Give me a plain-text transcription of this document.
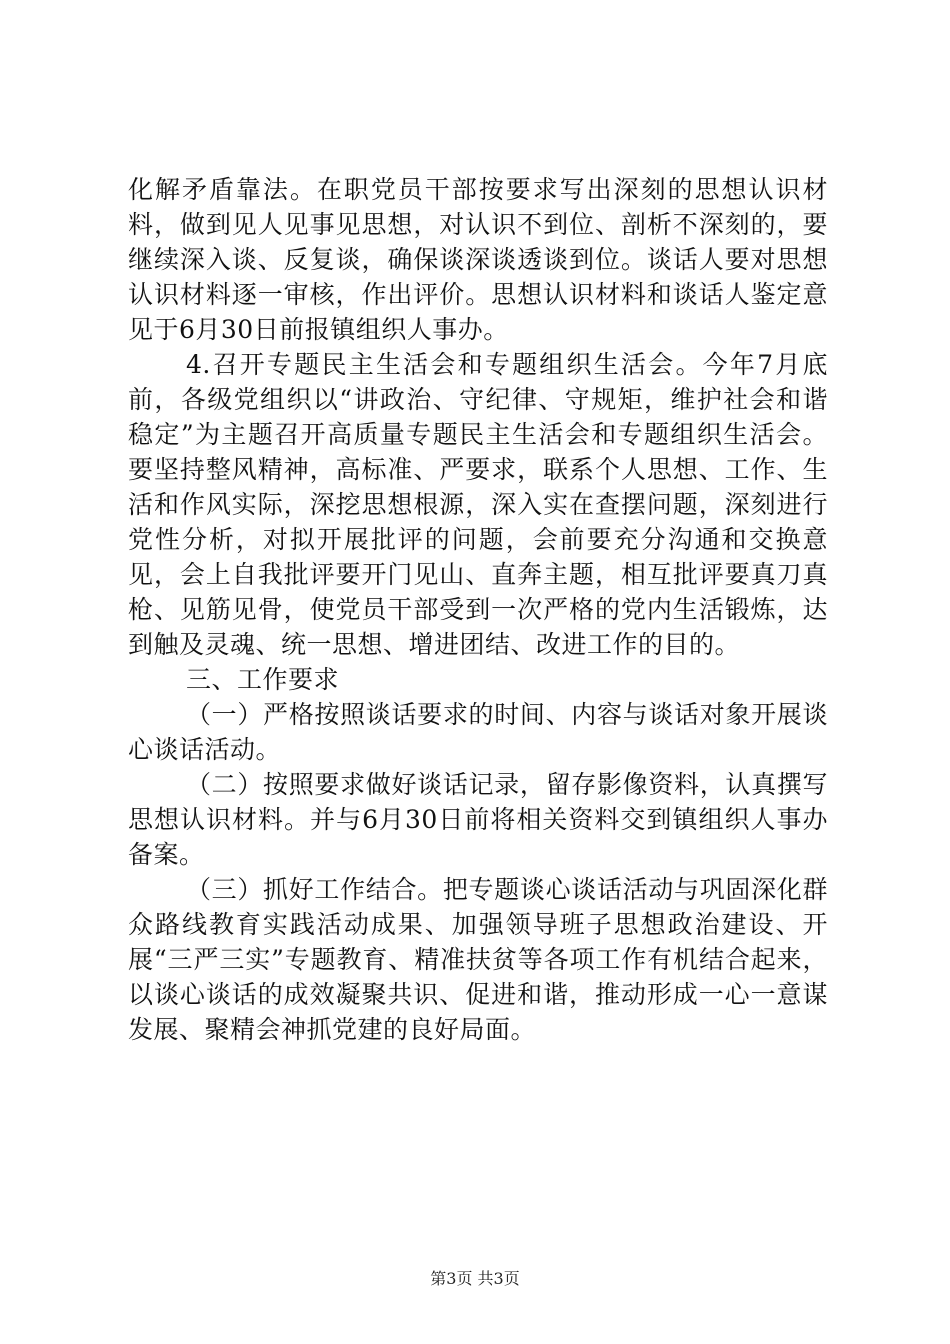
化解矛盾靠法。在职党员干部按要求写出深刻的思想认识材料，做到见人见事见思想，对认识不到位、剖析不深刻的，要继续深入谈、反复谈，确保谈深谈透谈到位。谈话人要对思想认识材料逐一审核，作出评价。思想认识材料和谈话人鉴定意见于6月30日前报镇组织人事办。

4.召开专题民主生活会和专题组织生活会。今年7月底前，各级党组织以“讲政治、守纪律、守规矩，维护社会和谐稳定”为主题召开高质量专题民主生活会和专题组织生活会。要坚持整风精神，高标准、严要求，联系个人思想、工作、生活和作风实际，深挖思想根源，深入实在查摆问题，深刻进行党性分析，对拟开展批评的问题，会前要充分沟通和交换意见，会上自我批评要开门见山、直奔主题，相互批评要真刀真枪、见筋见骨，使党员干部受到一次严格的党内生活锻炼，达到触及灵魂、统一思想、增进团结、改进工作的目的。

三、工作要求

（一）严格按照谈话要求的时间、内容与谈话对象开展谈心谈话活动。

（二）按照要求做好谈话记录，留存影像资料，认真撰写思想认识材料。并与6月30日前将相关资料交到镇组织人事办备案。

（三）抓好工作结合。把专题谈心谈话活动与巩固深化群众路线教育实践活动成果、加强领导班子思想政治建设、开展“三严三实”专题教育、精准扶贫等各项工作有机结合起来，以谈心谈话的成效凝聚共识、促进和谐，推动形成一心一意谋发展、聚精会神抓党建的良好局面。

第3页 共3页
